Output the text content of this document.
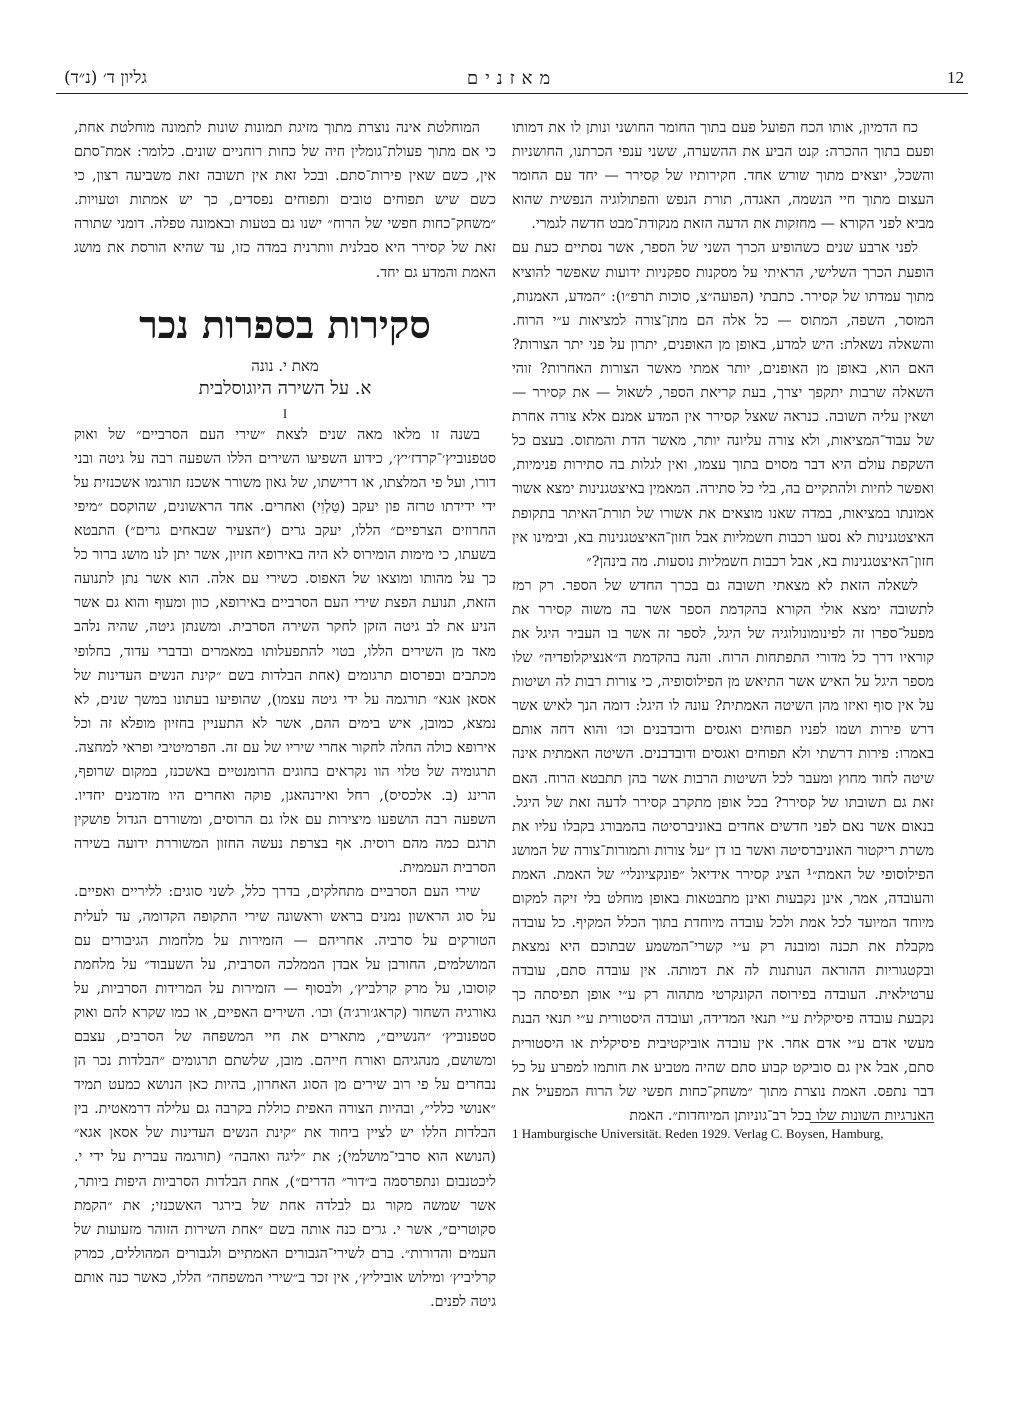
גליון ד׳ (נ״ד)	מאזנים	12

כח הדמיון, אותו הכח הפועל פעם בתוך החומר החושני ונותן לו את דמותו ופעם בתוך ההכרה: קנט הביע את ההשערה, ששני ענפי הכרתנו, החושניות והשכל, יוצאים מתוך שורש אחד. חקירותיו של קסירר — יחד עם החומר העצום מתוך חיי הנשמה, האגדה, תורת הנפש והפתולוגיה הנפשית שהוא מביא לפני הקורא — מחזקות את הדעה הזאת מנקודת־מבט חדשה לגמרי.

לפני ארבע שנים כשהופיע הכרך השני של הספר, אשר נסתיים כעת עם הופעת הכרך השלישי, הראיתי על מסקנות ספקניות ידועות שאפשר להוציא מתוך עמדתו של קסירר. כתבתי (הפועה״צ, סוכות תרפ״ו): ״המדע, האמנות, המוסר, השפה, המתוס — כל אלה הם מתן־צורה למציאות ע״י הרוח. והשאלה נשאלת: היש למדע, באופן מן האופנים, יתרון על פני יתר הצורות? האם הוא, באופן מן האופנים, יותר אמתי מאשר הצורות האחרות? זוהי השאלה שרבות יתקפך יצרך, בעת קריאת הספר, לשאול — את קסירר — ושאין עליה תשובה. כנראה שאצל קסירר אין המדע אמנם אלא צורה אחרת של עבוד־המציאות, ולא צורה עליונה יותר, מאשר הדת והמתוס. בעצם כל השקפת עולם היא דבר מסוים בתוך עצמו, ואין לגלות בה סתירות פנימיות, ואפשר לחיות ולהתקיים בה, בלי כל סתירה. המאמין באיצטגנינות ימצא אשור אמונתו במציאות, במדה שאנו מוצאים את אשורו של תורת־האיתר בתקופת האיצטגנינות לא נסעו רכבות חשמליות אבל חזון־האיצטגנינות בא, ובימינו אין חזון־האיצטגנינות בא, אבל רכבות חשמליות נוסעות. מה בינהן?״

לשאלה הזאת לא מצאתי תשובה גם בכרך החדש של הספר. רק רמז לתשובה ימצא אולי הקורא בהקדמת הספר אשר בה משוה קסירר את מפעל־ספרו זה לפינומונולוגיה של היגל, לספר זה אשר בו העביר היגל את קוראיו דרך כל מדורי התפתחות הרוח. והנה בהקדמת ה״אנציקלופדיה״ שלו מספר היגל על האיש אשר התיאש מן הפילוסופיה, כי צורות רבות לה ושיטות על אין סוף ואיזו מהן השיטה האמתית? עונה לו היגל: דומה הנך לאיש אשר דרש פירות ושמו לפניו תפוחים ואגסים ודובדבנים וכו׳ והוא דחה אותם באמרו: פירות דרשתי ולא תפוחים ואגסים ודובדבנים. השיטה האמתית אינה שיטה לחוד מחוץ ומעבר לכל השיטות הרבות אשר בהן תתבטא הרוח. האם זאת גם תשובתו של קסירר? בכל אופן מתקרב קסירר לדעה זאת של היגל. בנאום אשר נאם לפני חדשים אחדים באוניברסיטה בהמבורג בקבלו עליו את משרת ריקטור האוניברסיטה ואשר בו דן ״על צורות ותמורות־צורה של המושג הפילוסופי של האמת״¹ הציג קסירר אידיאל ״פונקציונלי״ של האמת. האמת והעובדה, אמר, אינן נקבעות ואינן מתבטאות באופן מוחלט בלי זיקה למקום מיוחד המיועד לכל אמת ולכל עובדה מיוחדת בתוך הכלל המקיף. כל עובדה מקבלת את תכנה ומובנה רק ע״י קשרי־המשמע שבתוכם היא נמצאת ובקטגוריות ההוראה הנותנות לה את דמותה. אין עובדה סתם, עובדה ערטילאית. העובדה בפירוסה הקונקרטי מתהוה רק ע״י אופן תפיסתה כך נקבעת עובדה פיסיקלית ע״י תנאי המדידה, ועובדה היסטורית ע״י תנאי הבנת מעשי אדם ע״י אדם אחר. אין עובדה אוביקטיבית פיסיקלית או היסטורית סתם, אבל אין גם סוביקט קבוע סתם שהיה מטביע את חותמו למפרע על כל דבר נתפס. האמת נוצרת מתוך ״משחק־כחות חפשי של הרוח המפעיל את האנרגיות השונות שלו בכל רב־גוניותן המיוחדות״. האמת

1 Hamburgische Universität. Reden 1929. Verlag C. Boysen, Hamburg,

המוחלטת אינה נוצרת מתוך מזיגת תמונות שונות לתמונה מוחלטת אחת, כי אם מתוך פעולת־גומלין חיה של כחות רוחניים שונים. כלומר: אמת־סתם אין, כשם שאין פירות־סתם. ובכל זאת אין תשובה זאת משביעה רצון, כי כשם שיש תפוחים טובים ותפוחים נפסדים, כך יש אמתות וטעויות. ״משחק־כחות חפשי של הרוח״ ישנו גם בטעות ובאמונה טפלה. דומני שתורה זאת של קסירר היא סבלנית וותרנית במדה כזו, עד שהיא הורסת את מושג האמת והמדע גם יחד.

סקירות בספרות נכר
מאת י. נונה
א. על השירה היוגוסלבית
I

בשנה זו מלאו מאה שנים לצאת ״שירי העם הסרביים״ של ואוק סטפנוביץ׳־קרדז׳יץ׳, כידוע השפיעו השירים הללו השפעה רבה על גיטה ובני דורו, ועל פי המלצתו, או דרישתו, של גאון משורר אשכנז תורגמו אשכנזית על ידי ידידתו טרזה פון יעקב (טַלְוִי) ואחרים. אחד הראשונים, שהוקסם ״מיפי החרוזים הצרפיים״ הללו, יעקב גרים (״הצעיר שבאחים גרים״) התבטא בשעתו, כי מימות הומירוס לא היה באירופא חזיון, אשר יתן לנו מושג ברור כל כך על מהותו ומוצאו של האפוס. כשירי עם אלה. הוא אשר נתן לתנועה הזאת, תנועת הפצת שירי העם הסרביים באירופא, כוון ומעוף והוא גם אשר הניע את לב גיטה הזקן לחקר השירה הסרבית. ומשנתן גיטה, שהיה נלהב מאד מן השירים הללו, בטוי להתפעלותו במאמרים ובדברי עדוד, בחלופי מכתבים ובפרסום תרגומים (אחת הבלדות בשם ״קינת הנשים העדינות של אסאן אגא״ תורגמה על ידי גיטה עצמו), שהופיעו בעתונו במשך שנים, לא נמצא, כמובן, איש בימים ההם, אשר לא התעניין בחזיון מופלא זה וכל אירופא כולה החלה לחקור אחרי שיריו של עם זה. הפרמיטיבי ופראי למחצה. תרגומיה של טלוי הוו נקראים בחוגים הרומנטיים באשכנז, במקום שרופף, הרינג (ב. אלכסיס), רחל ואירנהאגן, פוקה ואחרים היו מזדמנים יחדיו. השפעה רבה הושפעו מיצירות עם אלו גם הרוסים, ומשוררם הגדול פושקין תרגם כמה מהם רוסית. אף בצרפת נעשה החזון המשוררת ידועה בשירה הסרבית העממית.

שירי העם הסרביים מתחלקים, בדרך כלל, לשני סוגים: לליריים ואפיים. על סוג הראשון נמנים בראש וראשונה שירי התקופה הקדומה, עד לעלית הטורקים על סרביה. אחריהם — הזמירות על מלחמות הגיבורים עם המושלמים, החורבן על אבדן הממלכה הסרבית, על השעבוד״ על מלחמת קוסובו, על מרק קרלביץ׳, ולבסוף — הזמירות על המרידות הסרביות, על גאורגיה השחור (קראג׳ורג׳ה) וכו׳. השירים האפיים, או כמו שקרא להם ואוק סטפנוביץ׳ ״הנשיים״, מתארים את חיי המשפחה של הסרבים, עצבם ומשושם, מנהגיהם ואורח חייהם. מובן, שלשתם תרגומים ״הבלדות נכר הן נבחרים על פי רוב שירים מן הסוג האחרון, בהיות כאן הנושא כמעט תמיד ״אנושי כללי״, ובהיות הצורה האפית כוללת בקרבה גם עלילה דרמאטית. בין הבלדות הללו יש לציין ביחוד את ״קינת הנשים העדינות של אסאן אגא״ (הנושא הוא סרבי־מושלמי); את ״ליגה ואהבה״ (תורגמה עברית על ידי י. ליכטנבום ונתפרסמה ב״דור״ הדרים״), אחת הבלדות הסרביות היפות ביותר, אשר שמשה מקור גם לבלדה אחת של בירגר האשכנזי; את ״הקמת סקוטרים״, אשר י. גרים כנה אותה בשם ״אחת השירות הזוהר מזעועות של העמים והדורות״. ברם לשירי־הגבורים האמתיים ולגבורים המהוללים, כמרק קרליביץ׳ ומילוש אוביליץ׳, אין זכר ב״שירי המשפחה״ הללו, כאשר כנה אותם גיטה לפנים.
